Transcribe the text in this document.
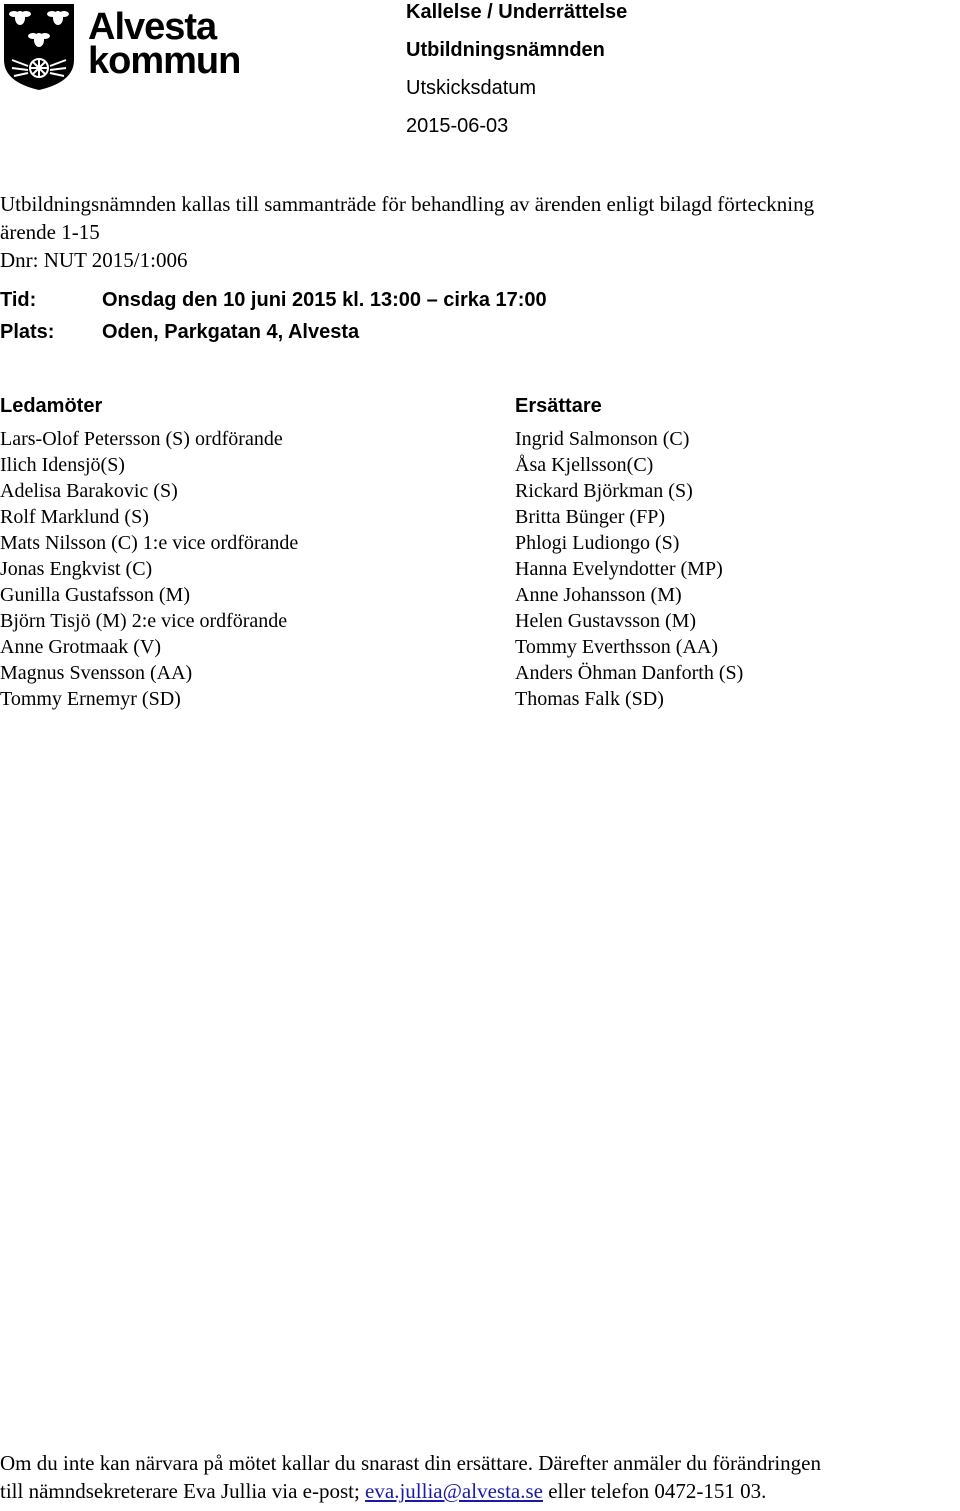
Alvesta
kommun
Kallelse / Underrättelse
Utbildningsnämnden
Utskicksdatum
2015-06-03
Utbildningsnämnden kallas till sammanträde för behandling av ärenden enligt bilagd förteckning
ärende 1-15
Dnr: NUT 2015/1:006
Tid:	Onsdag den 10 juni 2015 kl. 13:00 – cirka 17:00
Plats: Oden, Parkgatan 4, Alvesta
Ledamöter
Lars-Olof Petersson (S) ordförande
Ilich Idensjö(S)
Adelisa Barakovic (S)
Rolf Marklund (S)
Mats Nilsson (C) 1:e vice ordförande
Jonas Engkvist (C)
Gunilla Gustafsson (M)
Björn Tisjö (M) 2:e vice ordförande
Anne Grotmaak (V)
Magnus Svensson (AA)
Tommy Ernemyr (SD)
Ersättare
Ingrid Salmonson (C)
Åsa Kjellsson(C)
Rickard Björkman (S)
Britta Bünger (FP)
Phlogi Ludiongo (S)
Hanna Evelyndotter (MP)
Anne Johansson (M)
Helen Gustavsson (M)
Tommy Everthsson (AA)
Anders Öhman Danforth (S)
Thomas Falk (SD)
Om du inte kan närvara på mötet kallar du snarast din ersättare. Därefter anmäler du förändringen
till nämndsekreterare Eva Jullia via e-post; eva.jullia@alvesta.se eller telefon 0472-151 03.
